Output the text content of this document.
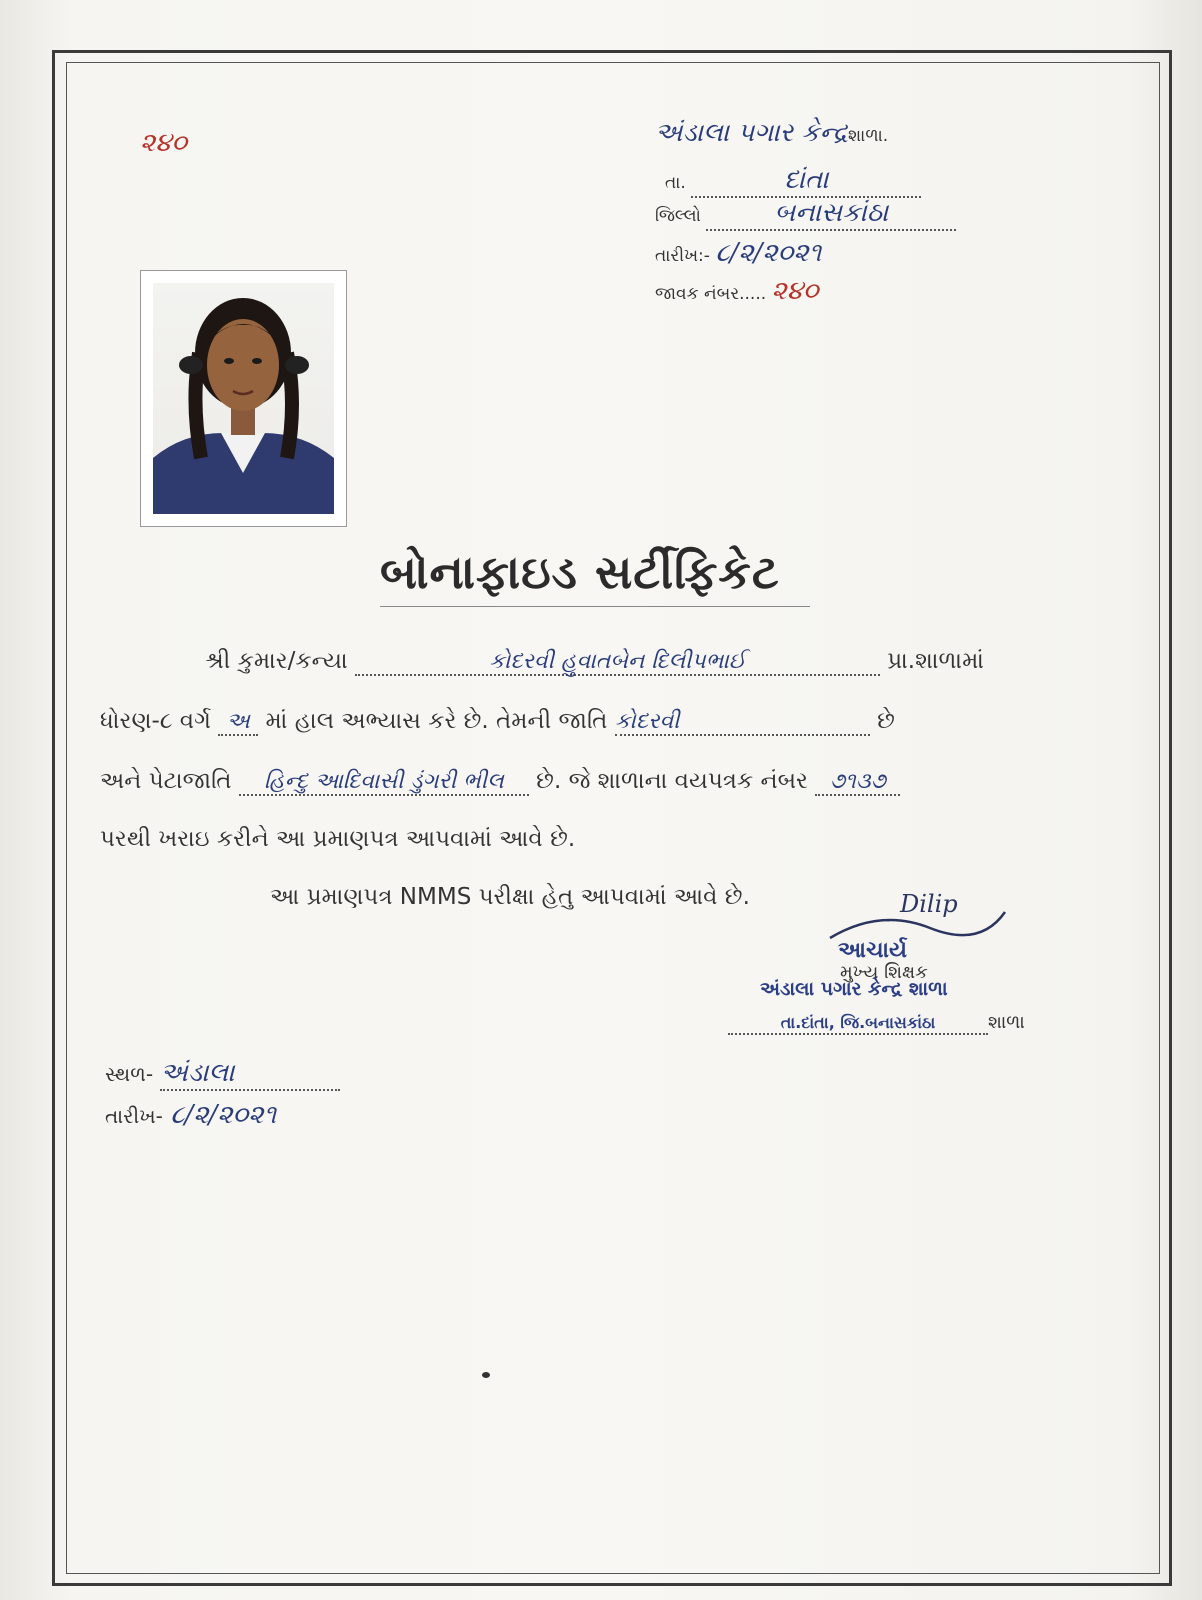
૨૪૦	અંડાલા પગાર કેન્દ્રશાળા.
તા.	દાંતા
જિલ્લો	બનાસકાંઠા
તારીખ:- ૮/૨/૨૦૨૧
જાવક નંબર..... ૨૪૦
બોનાફાઇડ સર્ટીફિકેટ
શ્રી કુમાર/કન્યા	કોદરવી હુવાતબેન દિલીપભાઈ	પ્રા.શાળામાં
ધોરણ-૮ વર્ગ અ માં હાલ અભ્યાસ કરે છે. તેમની જાતિ કોદરવી	છે
અને પેટાજાતિ હિન્દુ આદિવાસી ડુંગરી ભીલ છે. જે શાળાના વયપત્રક નંબર ૭૧૩૭
પરથી ખરાઇ કરીને આ પ્રમાણપત્ર આપવામાં આવે છે.
આ પ્રમાણપત્ર NMMS પરીક્ષા હેતુ આપવામાં આવે છે.	Dilip
આચાર્ય
મુખ્ય શિક્ષક
અંડાલા પગાર કેન્દ્ર શાળા
તા.દાંતા, જિ.બનાસકાંઠા	શાળા
સ્થળ- અંડાલા
તારીખ- ૮/૨/૨૦૨૧
